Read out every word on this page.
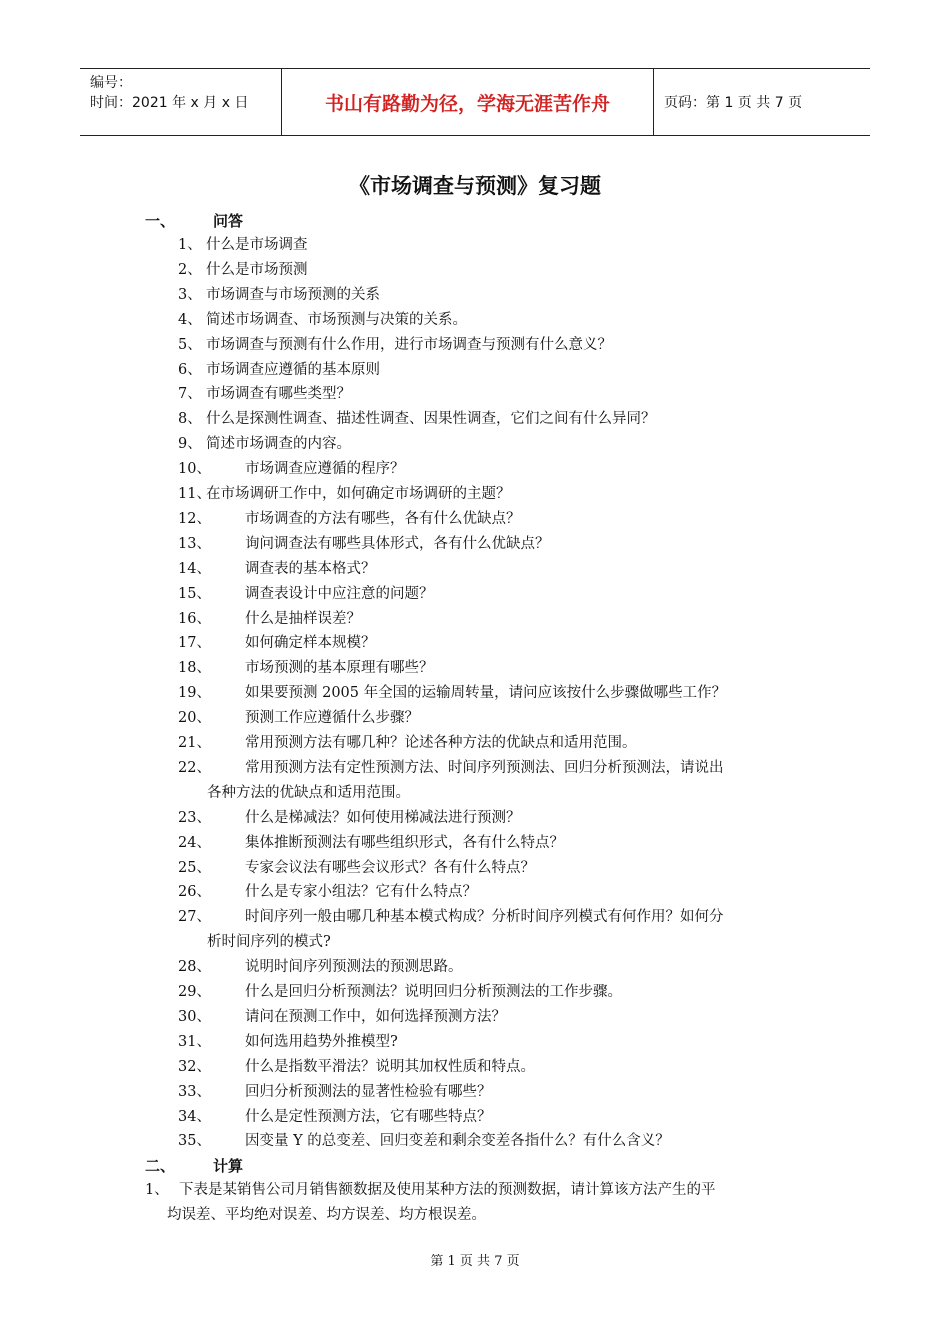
编号：
时间：2021 年 x 月 x 日	书山有路勤为径，学海无涯苦作舟	页码：第 1 页 共 7 页
《市场调查与预测》复习题
一、	问答
1、 什么是市场调查
2、 什么是市场预测
3、 市场调查与市场预测的关系
4、 简述市场调查、市场预测与决策的关系。
5、 市场调查与预测有什么作用，进行市场调查与预测有什么意义？
6、 市场调查应遵循的基本原则
7、 市场调查有哪些类型？
8、 什么是探测性调查、描述性调查、因果性调查，它们之间有什么异同？
9、 简述市场调查的内容。
10、 市场调查应遵循的程序？
11、在市场调研工作中，如何确定市场调研的主题？
12、 市场调查的方法有哪些，各有什么优缺点？
13、 询问调查法有哪些具体形式，各有什么优缺点？
14、 调查表的基本格式？
15、 调查表设计中应注意的问题？
16、 什么是抽样误差？
17、 如何确定样本规模？
18、 市场预测的基本原理有哪些？
19、 如果要预测 2005 年全国的运输周转量，请问应该按什么步骤做哪些工作？
20、 预测工作应遵循什么步骤？
21、 常用预测方法有哪几种？论述各种方法的优缺点和适用范围。
22、 常用预测方法有定性预测方法、时间序列预测法、回归分析预测法，请说出
各种方法的优缺点和适用范围。
23、 什么是梯减法？如何使用梯减法进行预测？
24、 集体推断预测法有哪些组织形式，各有什么特点？
25、 专家会议法有哪些会议形式？各有什么特点？
26、 什么是专家小组法？它有什么特点？
27、 时间序列一般由哪几种基本模式构成？分析时间序列模式有何作用？如何分
析时间序列的模式?
28、 说明时间序列预测法的预测思路。
29、 什么是回归分析预测法？说明回归分析预测法的工作步骤。
30、 请问在预测工作中，如何选择预测方法？
31、 如何选用趋势外推模型?
32、 什么是指数平滑法？说明其加权性质和特点。
33、 回归分析预测法的显著性检验有哪些？
34、 什么是定性预测方法，它有哪些特点？
35、 因变量 Y 的总变差、回归变差和剩余变差各指什么？有什么含义？
二、	计算
1、 下表是某销售公司月销售额数据及使用某种方法的预测数据，请计算该方法产生的平
均误差、平均绝对误差、均方误差、均方根误差。
第 1 页 共 7 页
